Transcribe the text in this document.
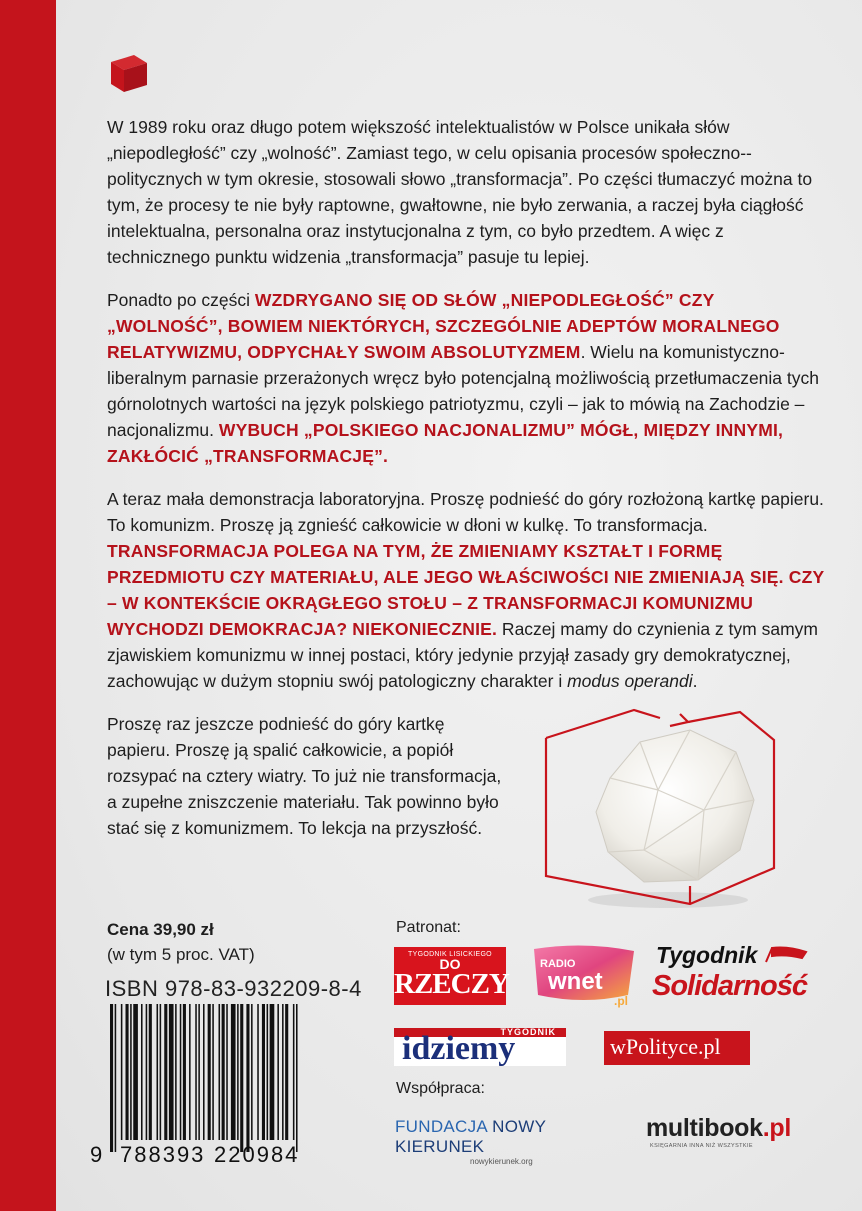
W 1989 roku oraz długo potem większość intelektualistów w Polsce unikała słów „niepodległość” czy „wolność”. Zamiast tego, w celu opisania procesów społeczno--politycznych w tym okresie, stosowali słowo „transformacja”. Po części tłumaczyć można to tym, że procesy te nie były raptowne, gwałtowne, nie było zerwania, a raczej była ciągłość intelektualna, personalna oraz instytucjonalna z tym, co było przedtem. A więc z technicznego punktu widzenia „transformacja” pasuje tu lepiej.

Ponadto po części WZDRYGANO SIĘ OD SŁÓW „NIEPODLEGŁOŚĆ” CZY „WOLNOŚĆ”, BOWIEM NIEKTÓRYCH, SZCZEGÓLNIE ADEPTÓW MORALNEGO RELATYWIZMU, ODPYCHAŁY SWOIM ABSOLUTYZMEM. Wielu na komunistyczno-liberalnym parnasie przerażonych wręcz było potencjalną możliwością przetłumaczenia tych górnolotnych wartości na język polskiego patriotyzmu, czyli – jak to mówią na Zachodzie – nacjonalizmu. WYBUCH „POLSKIEGO NACJONALIZMU” MÓGŁ, MIĘDZY INNYMI, ZAKŁÓCIĆ „TRANSFORMACJĘ”.

A teraz mała demonstracja laboratoryjna. Proszę podnieść do góry rozłożoną kartkę papieru. To komunizm. Proszę ją zgnieść całkowicie w dłoni w kulkę. To transformacja. TRANSFORMACJA POLEGA NA TYM, ŻE ZMIENIAMY KSZTAŁT I FORMĘ PRZEDMIOTU CZY MATERIAŁU, ALE JEGO WŁAŚCIWOŚCI NIE ZMIENIAJĄ SIĘ. CZY – W KONTEKŚCIE OKRĄGŁEGO STOŁU – Z TRANSFORMACJI KOMUNIZMU WYCHODZI DEMOKRACJA? NIEKONIECZNIE. Raczej mamy do czynienia z tym samym zjawiskiem komunizmu w innej postaci, który jedynie przyjął zasady gry demokratycznej, zachowując w dużym stopniu swój patologiczny charakter i modus operandi.

Proszę raz jeszcze podnieść do góry kartkę papieru. Proszę ją spalić całkowicie, a popiół rozsypać na cztery wiatry. To już nie transformacja, a zupełne zniszczenie materiału. Tak powinno było stać się z komunizmem. To lekcja na przyszłość.

Cena 39,90 zł
(w tym 5 proc. VAT)
ISBN 978-83-932209-8-4
9 788393 220984
Patronat:
TYGODNIK LISICKIEGO
DO
RZECZY
RADIO
wnet
.pl
Tygodnik
Solidarność
TYGODNIK
idziemy	wPolityce.pl
Współpraca:
FUNDACJA NOWY KIERUNEK
nowykierunek.org
multibook.pl
KSIĘGARNIA INNA NIŻ WSZYSTKIE
